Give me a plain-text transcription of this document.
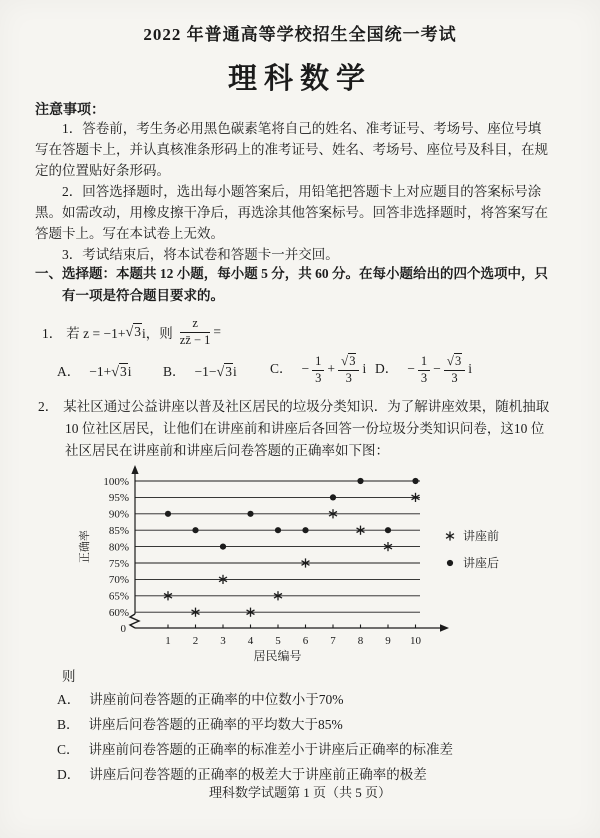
2022 年普通高等学校招生全国统一考试
理科数学
注意事项：
1．答卷前，考生务必用黑色碳素笔将自己的姓名、准考证号、考场号、座位号填
写在答题卡上，并认真核准条形码上的准考证号、姓名、考场号、座位号及科目，在规
定的位置贴好条形码。
2．回答选择题时，选出每小题答案后，用铅笔把答题卡上对应题目的答案标号涂
黑。如需改动，用橡皮擦干净后，再选涂其他答案标号。回答非选择题时，将答案写在
答题卡上。写在本试卷上无效。
3．考试结束后，将本试卷和答题卡一并交回。
一、选择题：本题共 12 小题，每小题 5 分，共 60 分。在每小题给出的四个选项中，只
有一项是符合题目要求的。
1． 若 z = −1+ √3 i，则 $\frac{z}{zz̄ - 1}$ =
A． −1+√3i	B． −1−√3i	C． − $\frac{1}{3} + \frac{√3}{3}$ i D． − $\frac{1}{3} - \frac{√3}{3}$ i
2． 某社区通过公益讲座以普及社区居民的垃圾分类知识．为了解讲座效果，随机抽取
10 位社区居民，让他们在讲座前和讲座后各回答一份垃圾分类知识问卷，这10 位
社区居民在讲座前和讲座后问卷答题的正确率如下图：
100%
95%
90%
85%
80%
75%
70%
65%
60%
0
1 2 3 4 5 6 7 8 9 10
居民编号
正确率	讲座前
讲座后
则
A． 讲座前问卷答题的正确率的中位数小于70%
B． 讲座后问卷答题的正确率的平均数大于85%
C． 讲座前问卷答题的正确率的标准差小于讲座后正确率的标准差
D． 讲座后问卷答题的正确率的极差大于讲座前正确率的极差
理科数学试题第 1 页（共 5 页）
